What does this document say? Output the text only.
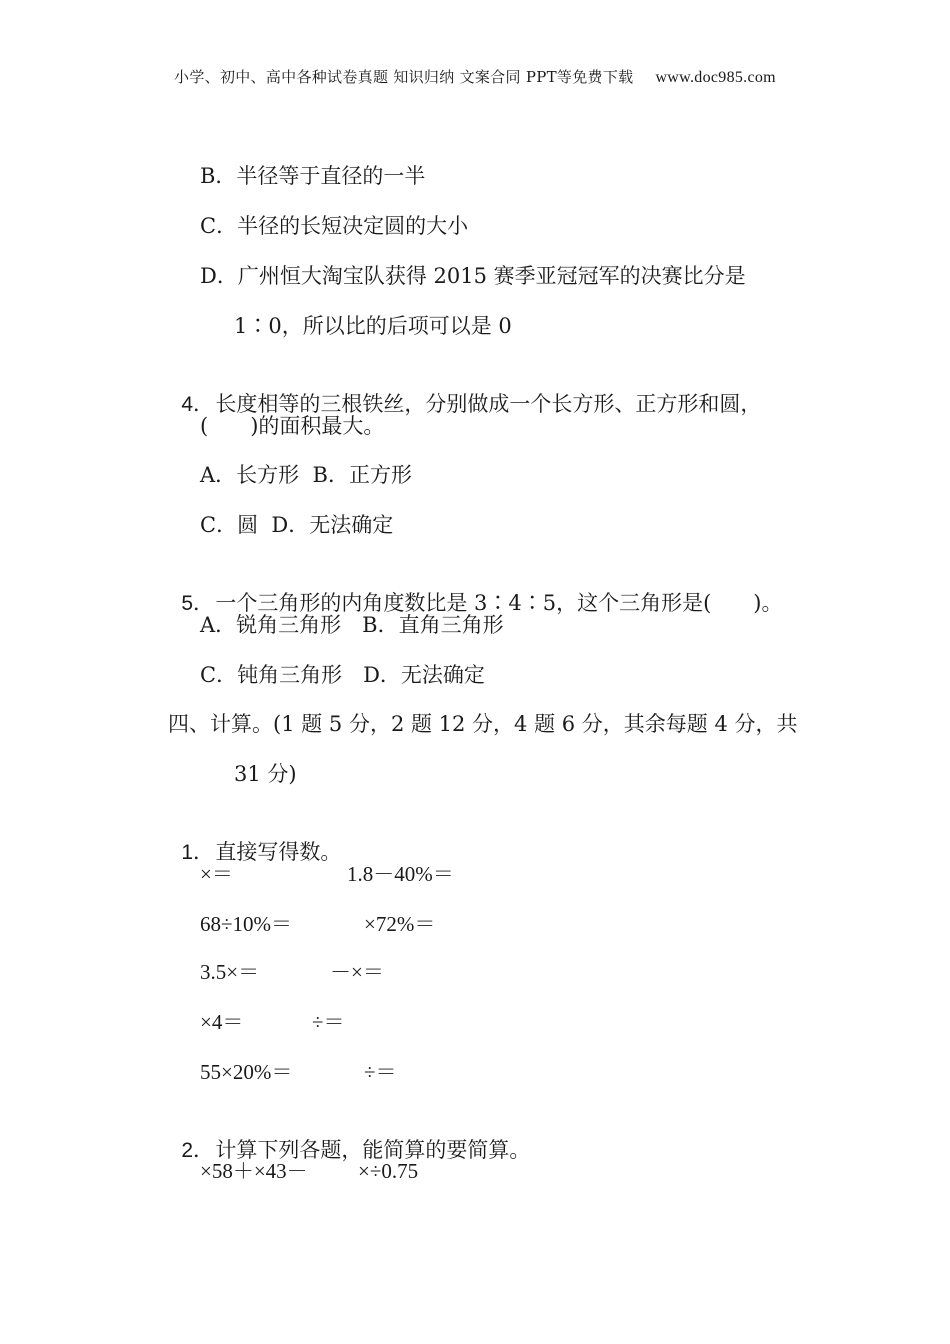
小学、初中、高中各种试卷真题 知识归纳 文案合同 PPT等免费下载 www.doc985.com
B．半径等于直径的一半
C．半径的长短决定圆的大小
D．广州恒大淘宝队获得 2015 赛季亚冠冠军的决赛比分是
1∶0，所以比的后项可以是 0

4．长度相等的三根铁丝，分别做成一个长方形、正方形和圆，

(　　)的面积最大。
A．长方形  B．正方形
C．圆  D．无法确定

5．一个三角形的内角度数比是 3∶4∶5，这个三角形是(　　)。

A．锐角三角形　B．直角三角形
C．钝角三角形　D．无法确定
四、计算。(1 题 5 分，2 题 12 分，4 题 6 分，其余每题 4 分，共
31 分)

1．直接写得数。

×＝	1.8－40%＝
68÷10%＝	×72%＝
3.5×＝	－×＝
×4＝	÷＝
55×20%＝	÷＝

2．计算下列各题，能简算的要简算。

×58＋×43－ ×÷0.75
